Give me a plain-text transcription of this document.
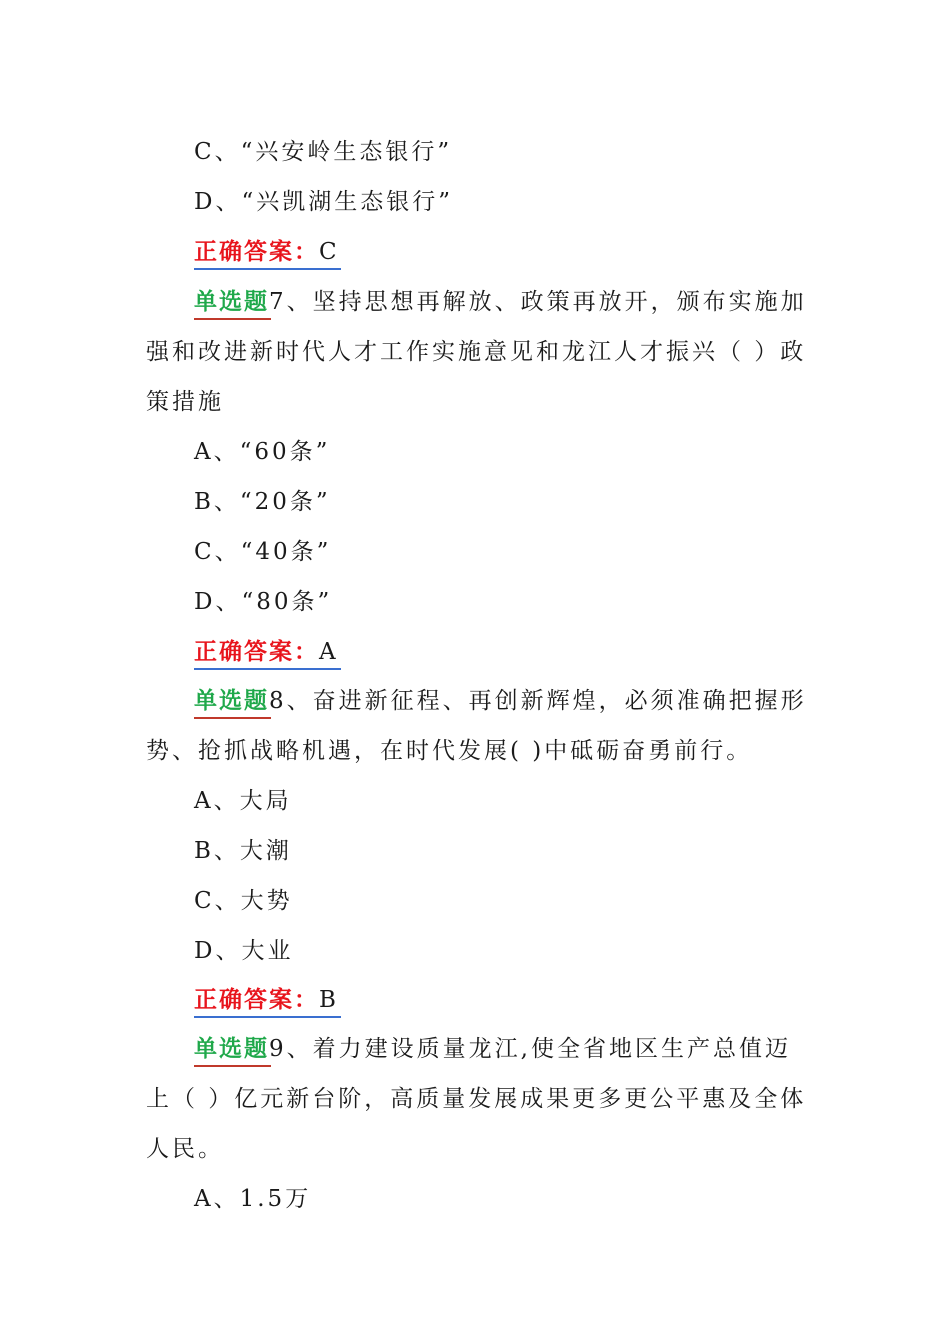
C、“兴安岭生态银行”
D、“兴凯湖生态银行”
正确答案：C
单选题7、坚持思想再解放、政策再放开，颁布实施加
强和改进新时代人才工作实施意见和龙江人才振兴（ ）政
策措施
A、“60条”
B、“20条”
C、“40条”
D、“80条”
正确答案：A
单选题8、奋进新征程、再创新辉煌，必须准确把握形
势、抢抓战略机遇，在时代发展( )中砥砺奋勇前行。
A、大局
B、大潮
C、大势
D、大业
正确答案：B
单选题9、着力建设质量龙江,使全省地区生产总值迈
上（ ）亿元新台阶，高质量发展成果更多更公平惠及全体
人民。
A、1.5万
